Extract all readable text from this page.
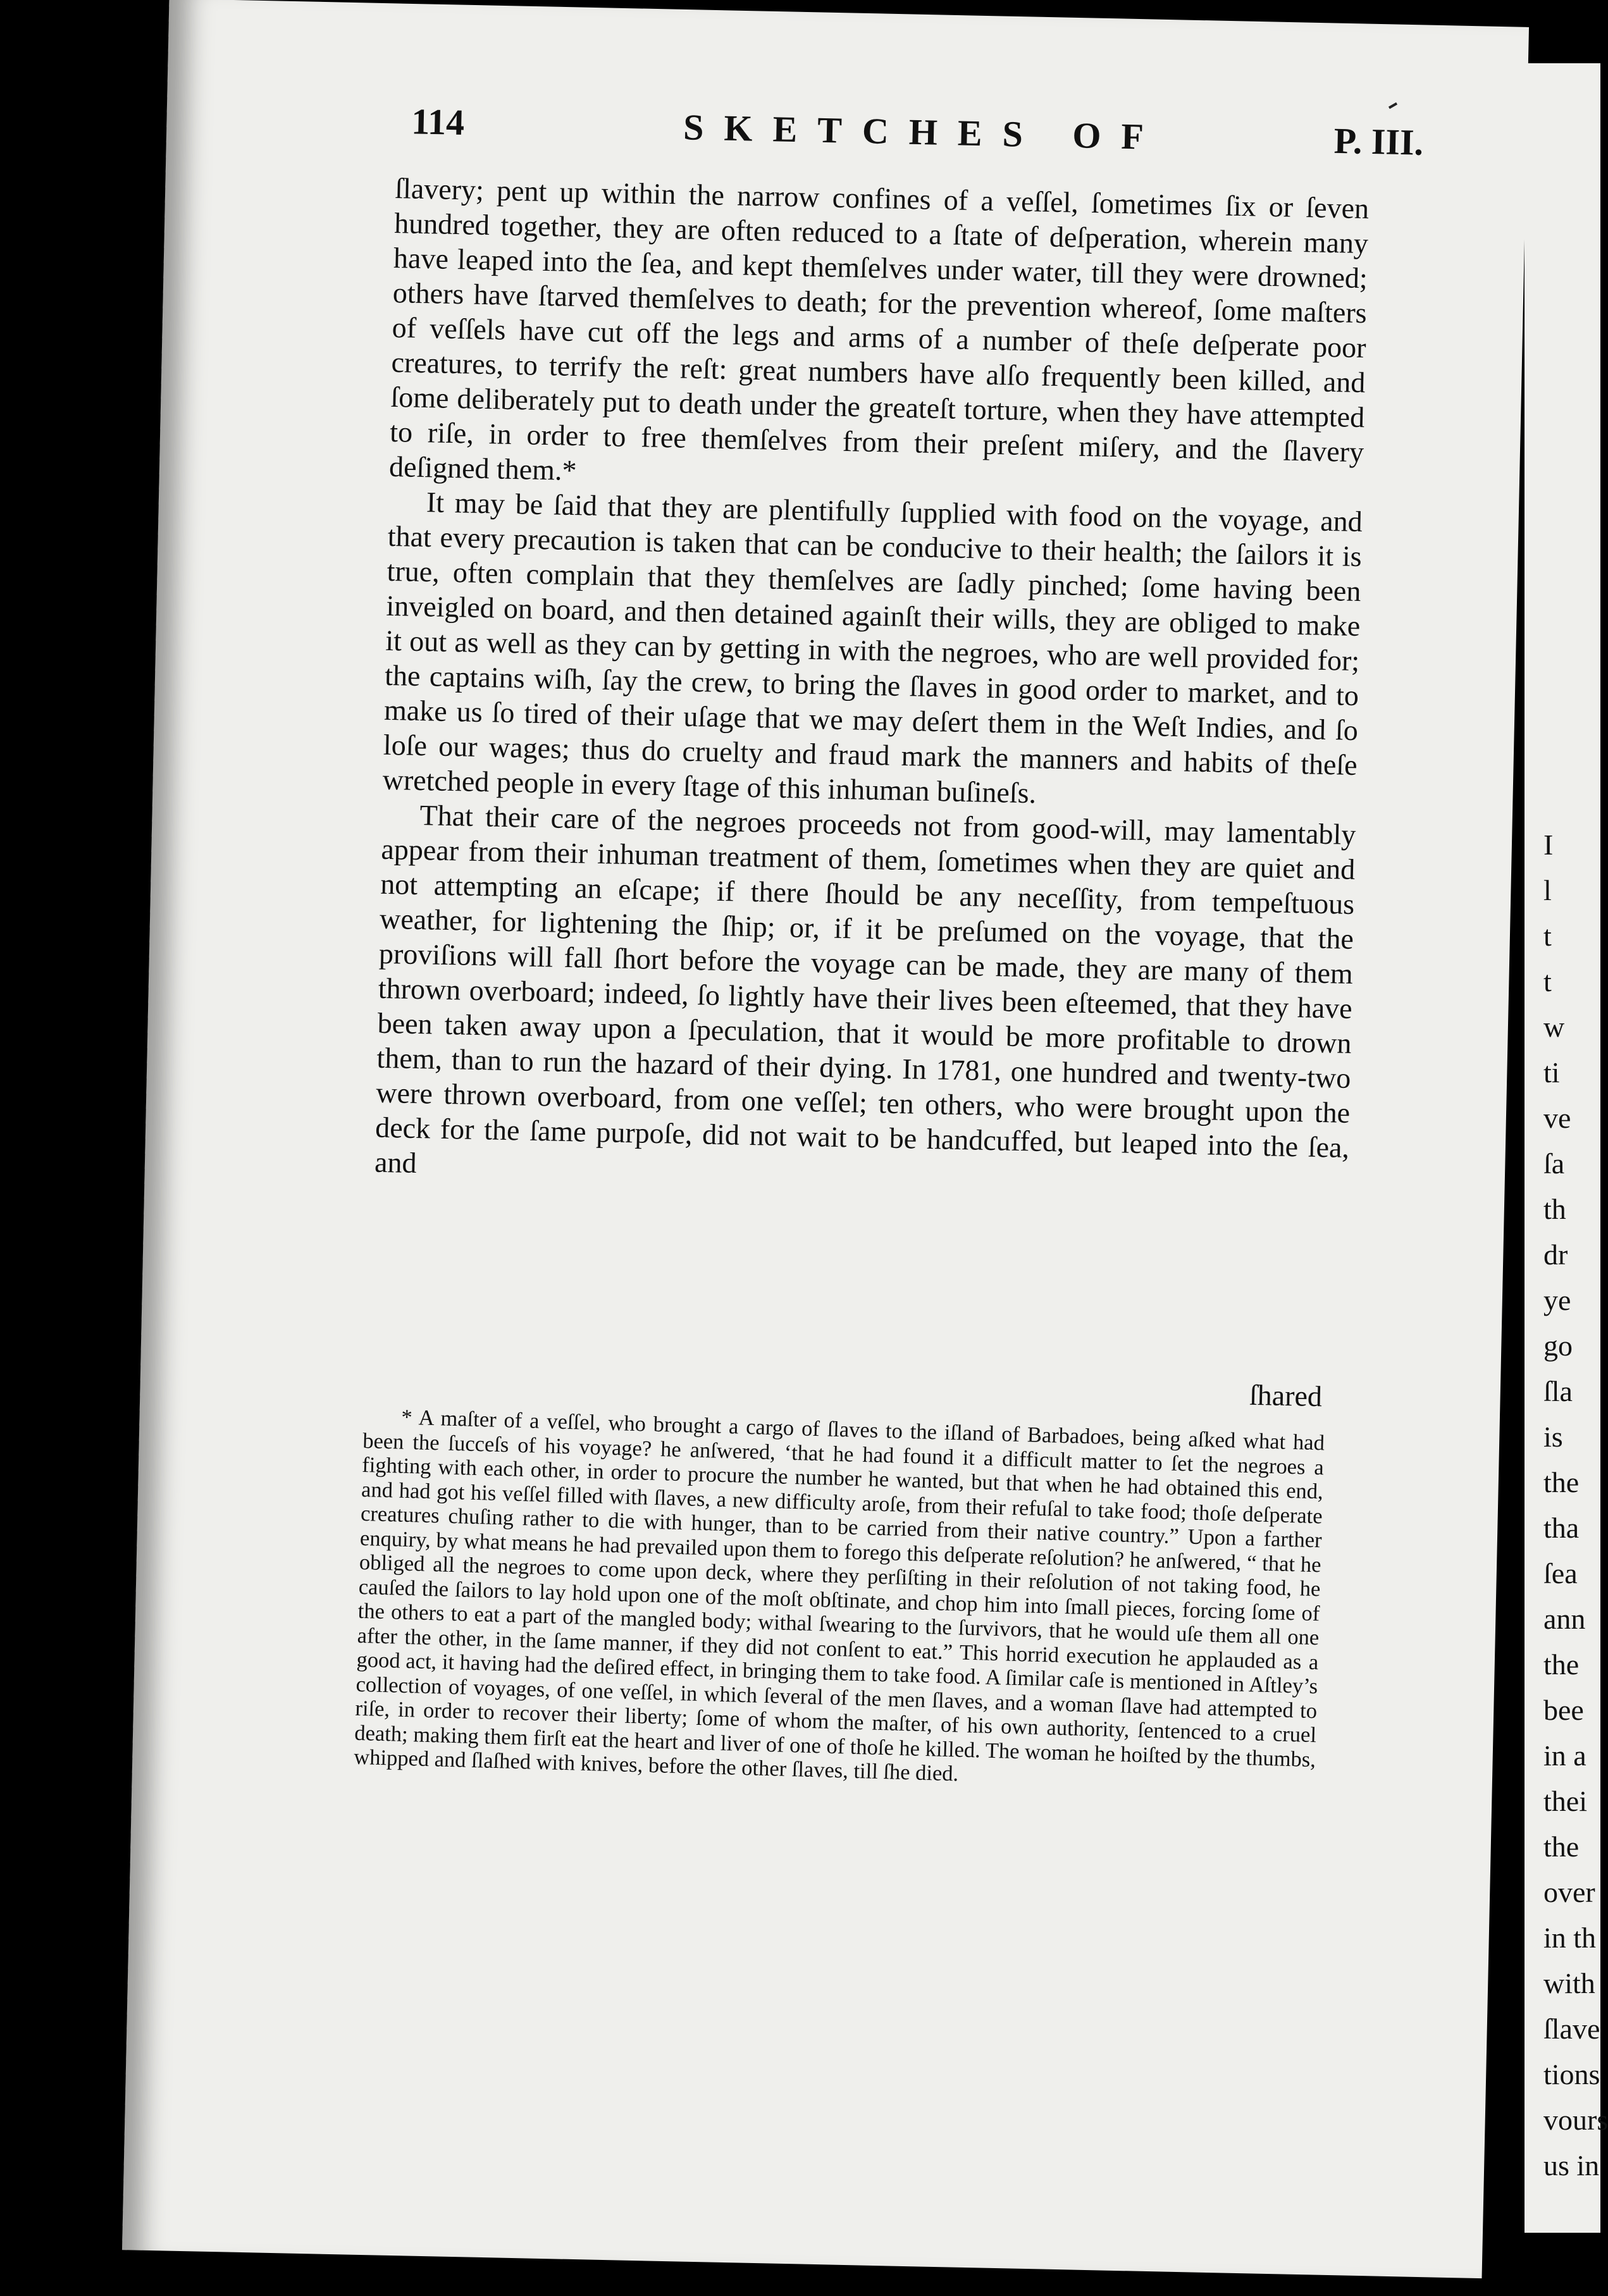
114	SKETCHES OF	P. III.

ſlavery; pent up within the narrow confines of a veſſel, ſometimes ſix or ſeven hundred together, they are often reduced to a ſtate of deſperation, wherein many have leaped into the ſea, and kept themſelves under water, till they were drowned; others have ſtarved themſelves to death; for the prevention whereof, ſome maſters of veſſels have cut off the legs and arms of a number of theſe deſperate poor creatures, to terrify the reſt: great numbers have alſo frequently been killed, and ſome deliberately put to death under the greateſt torture, when they have attempted to riſe, in order to free themſelves from their preſent miſery, and the ſlavery deſigned them.*

It may be ſaid that they are plentifully ſupplied with food on the voyage, and that every precaution is taken that can be conducive to their health; the ſailors it is true, often complain that they themſelves are ſadly pinched; ſome having been inveigled on board, and then detained againſt their wills, they are obliged to make it out as well as they can by getting in with the negroes, who are well provided for; the captains wiſh, ſay the crew, to bring the ſlaves in good order to market, and to make us ſo tired of their uſage that we may deſert them in the Weſt Indies, and ſo loſe our wages; thus do cruelty and fraud mark the manners and habits of theſe wretched people in every ſtage of this inhuman buſineſs.

That their care of the negroes proceeds not from good-will, may lamentably appear from their inhuman treatment of them, ſometimes when they are quiet and not attempting an eſcape; if there ſhould be any neceſſity, from tempeſtuous weather, for lightening the ſhip; or, if it be preſumed on the voyage, that the proviſions will fall ſhort before the voyage can be made, they are many of them thrown overboard; indeed, ſo lightly have their lives been eſteemed, that they have been taken away upon a ſpeculation, that it would be more profitable to drown them, than to run the hazard of their dying. In 1781, one hundred and twenty-two were thrown overboard, from one veſſel; ten others, who were brought upon the deck for the ſame purpoſe, did not wait to be handcuffed, but leaped into the ſea, and

ſhared

* A maſter of a veſſel, who brought a cargo of ſlaves to the iſland of Barbadoes, being aſked what had been the ſucceſs of his voyage? he anſwered, ‘that he had found it a difficult matter to ſet the negroes a fighting with each other, in order to procure the number he wanted, but that when he had obtained this end, and had got his veſſel filled with ſlaves, a new difficulty aroſe, from their refuſal to take food; thoſe deſperate creatures chuſing rather to die with hunger, than to be carried from their native country.” Upon a farther enquiry, by what means he had prevailed upon them to forego this deſperate reſolution? he anſwered, “ that he obliged all the negroes to come upon deck, where they perſiſting in their reſolution of not taking food, he cauſed the ſailors to lay hold upon one of the moſt obſtinate, and chop him into ſmall pieces, forcing ſome of the others to eat a part of the mangled body; withal ſwearing to the ſurvivors, that he would uſe them all one after the other, in the ſame manner, if they did not conſent to eat.” This horrid execution he applauded as a good act, it having had the deſired effect, in bringing them to take food. A ſimilar caſe is mentioned in Aſtley’s collection of voyages, of one veſſel, in which ſeveral of the men ſlaves, and a woman ſlave had attempted to riſe, in order to recover their liberty; ſome of whom the maſter, of his own authority, ſentenced to a cruel death; making them firſt eat the heart and liver of one of thoſe he killed. The woman he hoiſted by the thumbs, whipped and ſlaſhed with knives, before the other ſlaves, till ſhe died.

I
l
t
t
w
ti
ve
ſa
th
dr
ye
go
ſla
is
the
tha
ſea
ann
the
bee
in a
thei
the
over
in th
with
ſlave
tions
vours
us in
